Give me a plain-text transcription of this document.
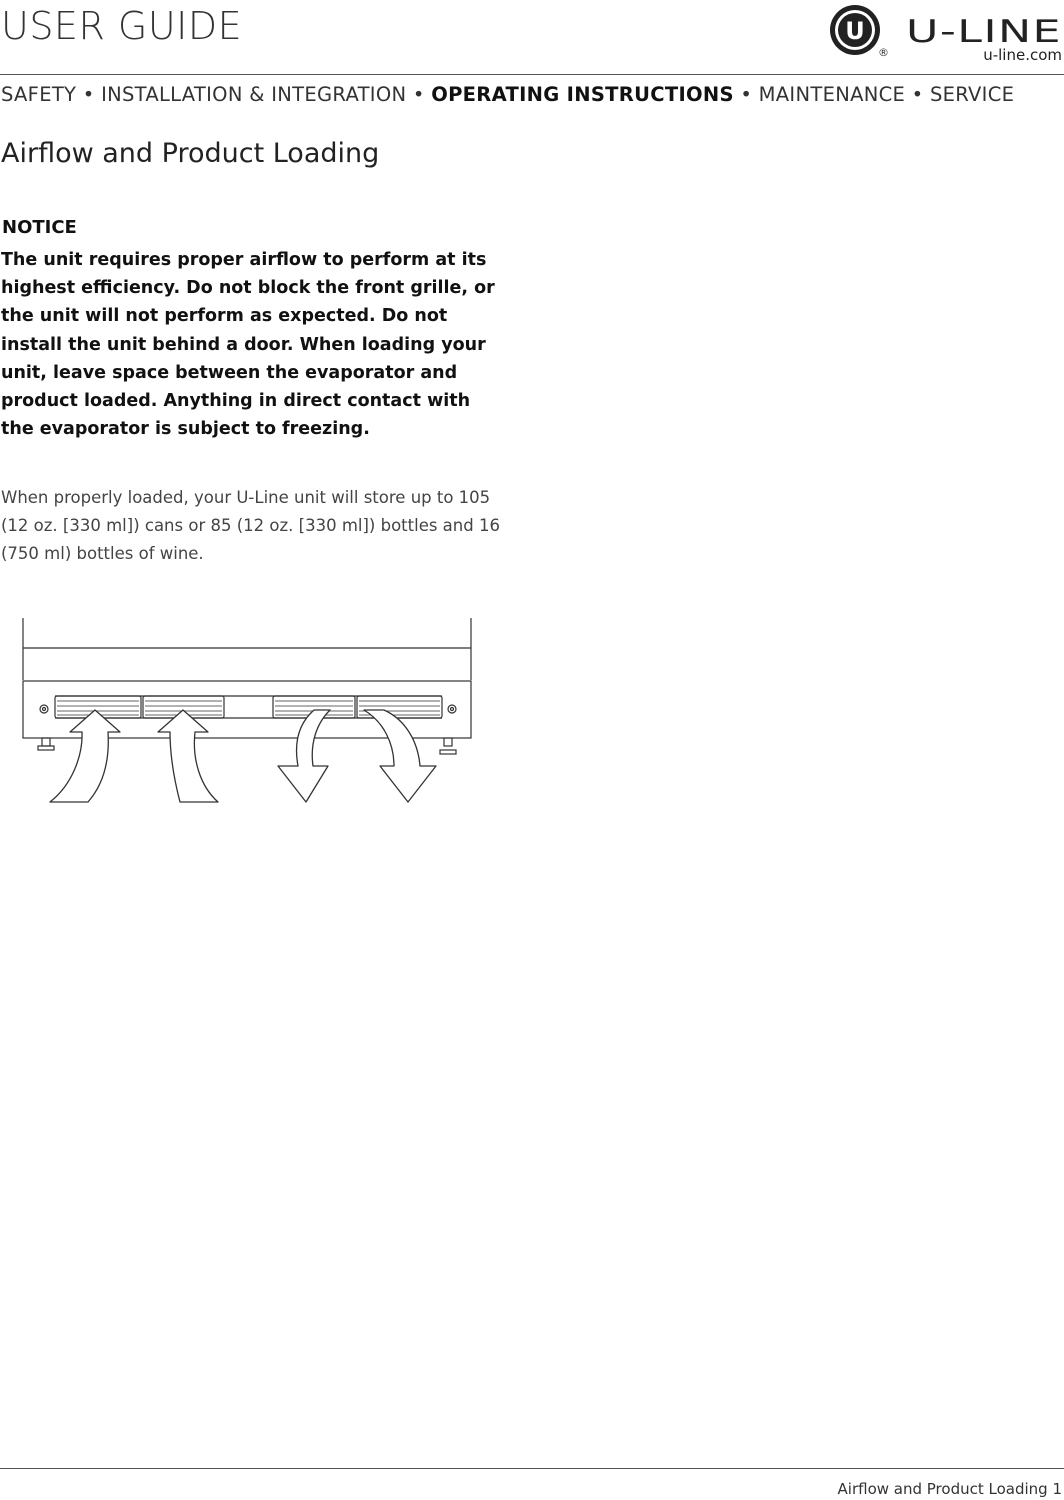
USER GUIDE	U
®
U-LINE
u-line.com
SAFETY • INSTALLATION & INTEGRATION • OPERATING INSTRUCTIONS • MAINTENANCE • SERVICE
Airflow and Product Loading
NOTICE
The unit requires proper airflow to perform at its highest efficiency. Do not block the front grille, or the unit will not perform as expected. Do not install the unit behind a door. When loading your unit, leave space between the evaporator and product loaded. Anything in direct contact with the evaporator is subject to freezing.
When properly loaded, your U-Line unit will store up to 105 (12 oz. [330 ml]) cans or 85 (12 oz. [330 ml]) bottles and 16 (750 ml) bottles of wine.
Airflow and Product Loading 1
